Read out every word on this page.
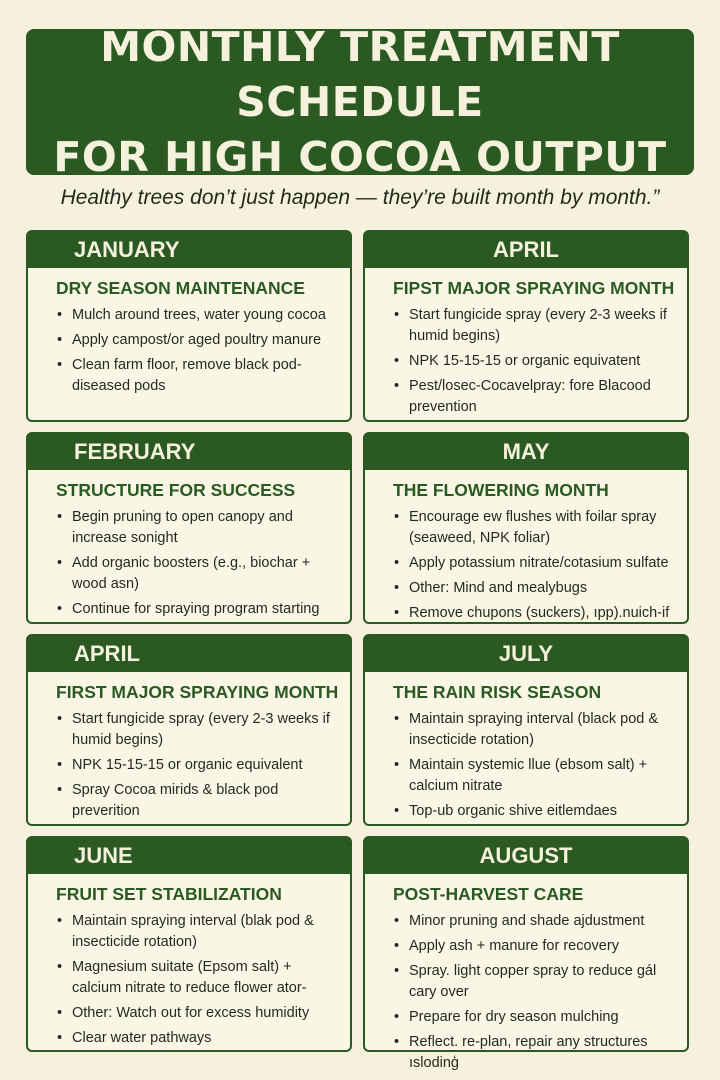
MONTHLY TREATMENT SCHEDULE
FOR HIGH COCOA OUTPUT
Healthy trees don’t just happen — they’re built month by month.”
JANUARY
DRY SEASON MAINTENANCE
• Mulch around trees, water young cocoa
• Apply campost/or aged poultry manure
• Clean farm floor, remove black pod-diseased pods
APRIL
FIPST MAJOR SPRAYING MONTH
• Start fungicide spray (every 2-3 weeks if humid begins)
• NPK 15-15-15 or organic equivatent
• Pest/losec-Cocavelpray: fore Blacood prevention
FEBRUARY
STRUCTURE FOR SUCCESS
• Begin pruning to open canopy and increase sonight
• Add organic boosters (e.g., biochar + wood asn)
• Continue for spraying program starting
MAY
THE FLOWERING MONTH
• Encourage ew flushes with foilar spray (seaweed, NPK foliar)
• Apply potassium nitrate/cotasium sulfate
• Other: Mind and mealybugs
• Remove chupons (suckers), ıpp).nuich-if
AΡRIL
FIRST MAJOR SPRAYING MONTH
• Start fungicide spray (every 2-3 weeks if humid begins)
• NPK 15-15-15 or organic equivalent
• Spray Cocoa mirids & black pod preverition
JULY
THE RAIN RISK SEASON
• Maintain spraying interval (black pod & insecticide rotation)
• Maintain systemic llue (ebsom salt) + calcium nitrate
• Top-ub organic shive eitlemdaes
JUNE
FRUIT SET STABILIZATION
• Maintain spraying interval (blak pod & insecticide rotation)
• Magnesium suitate (Epsom salt) + calcium nitrate to reduce flower ator-
• Other: Watch out for excess humidity
• Clear water pathways
AUGUST
POST-HARVEST CARE
• Minor pruning and shade ajdustment
• Apply ash + manure for recovery
• Spray. light copper spray to reduce gál cary over
• Prepare for dry season mulching
• Reflect. re-plan, repair any structures ıslodinģ
